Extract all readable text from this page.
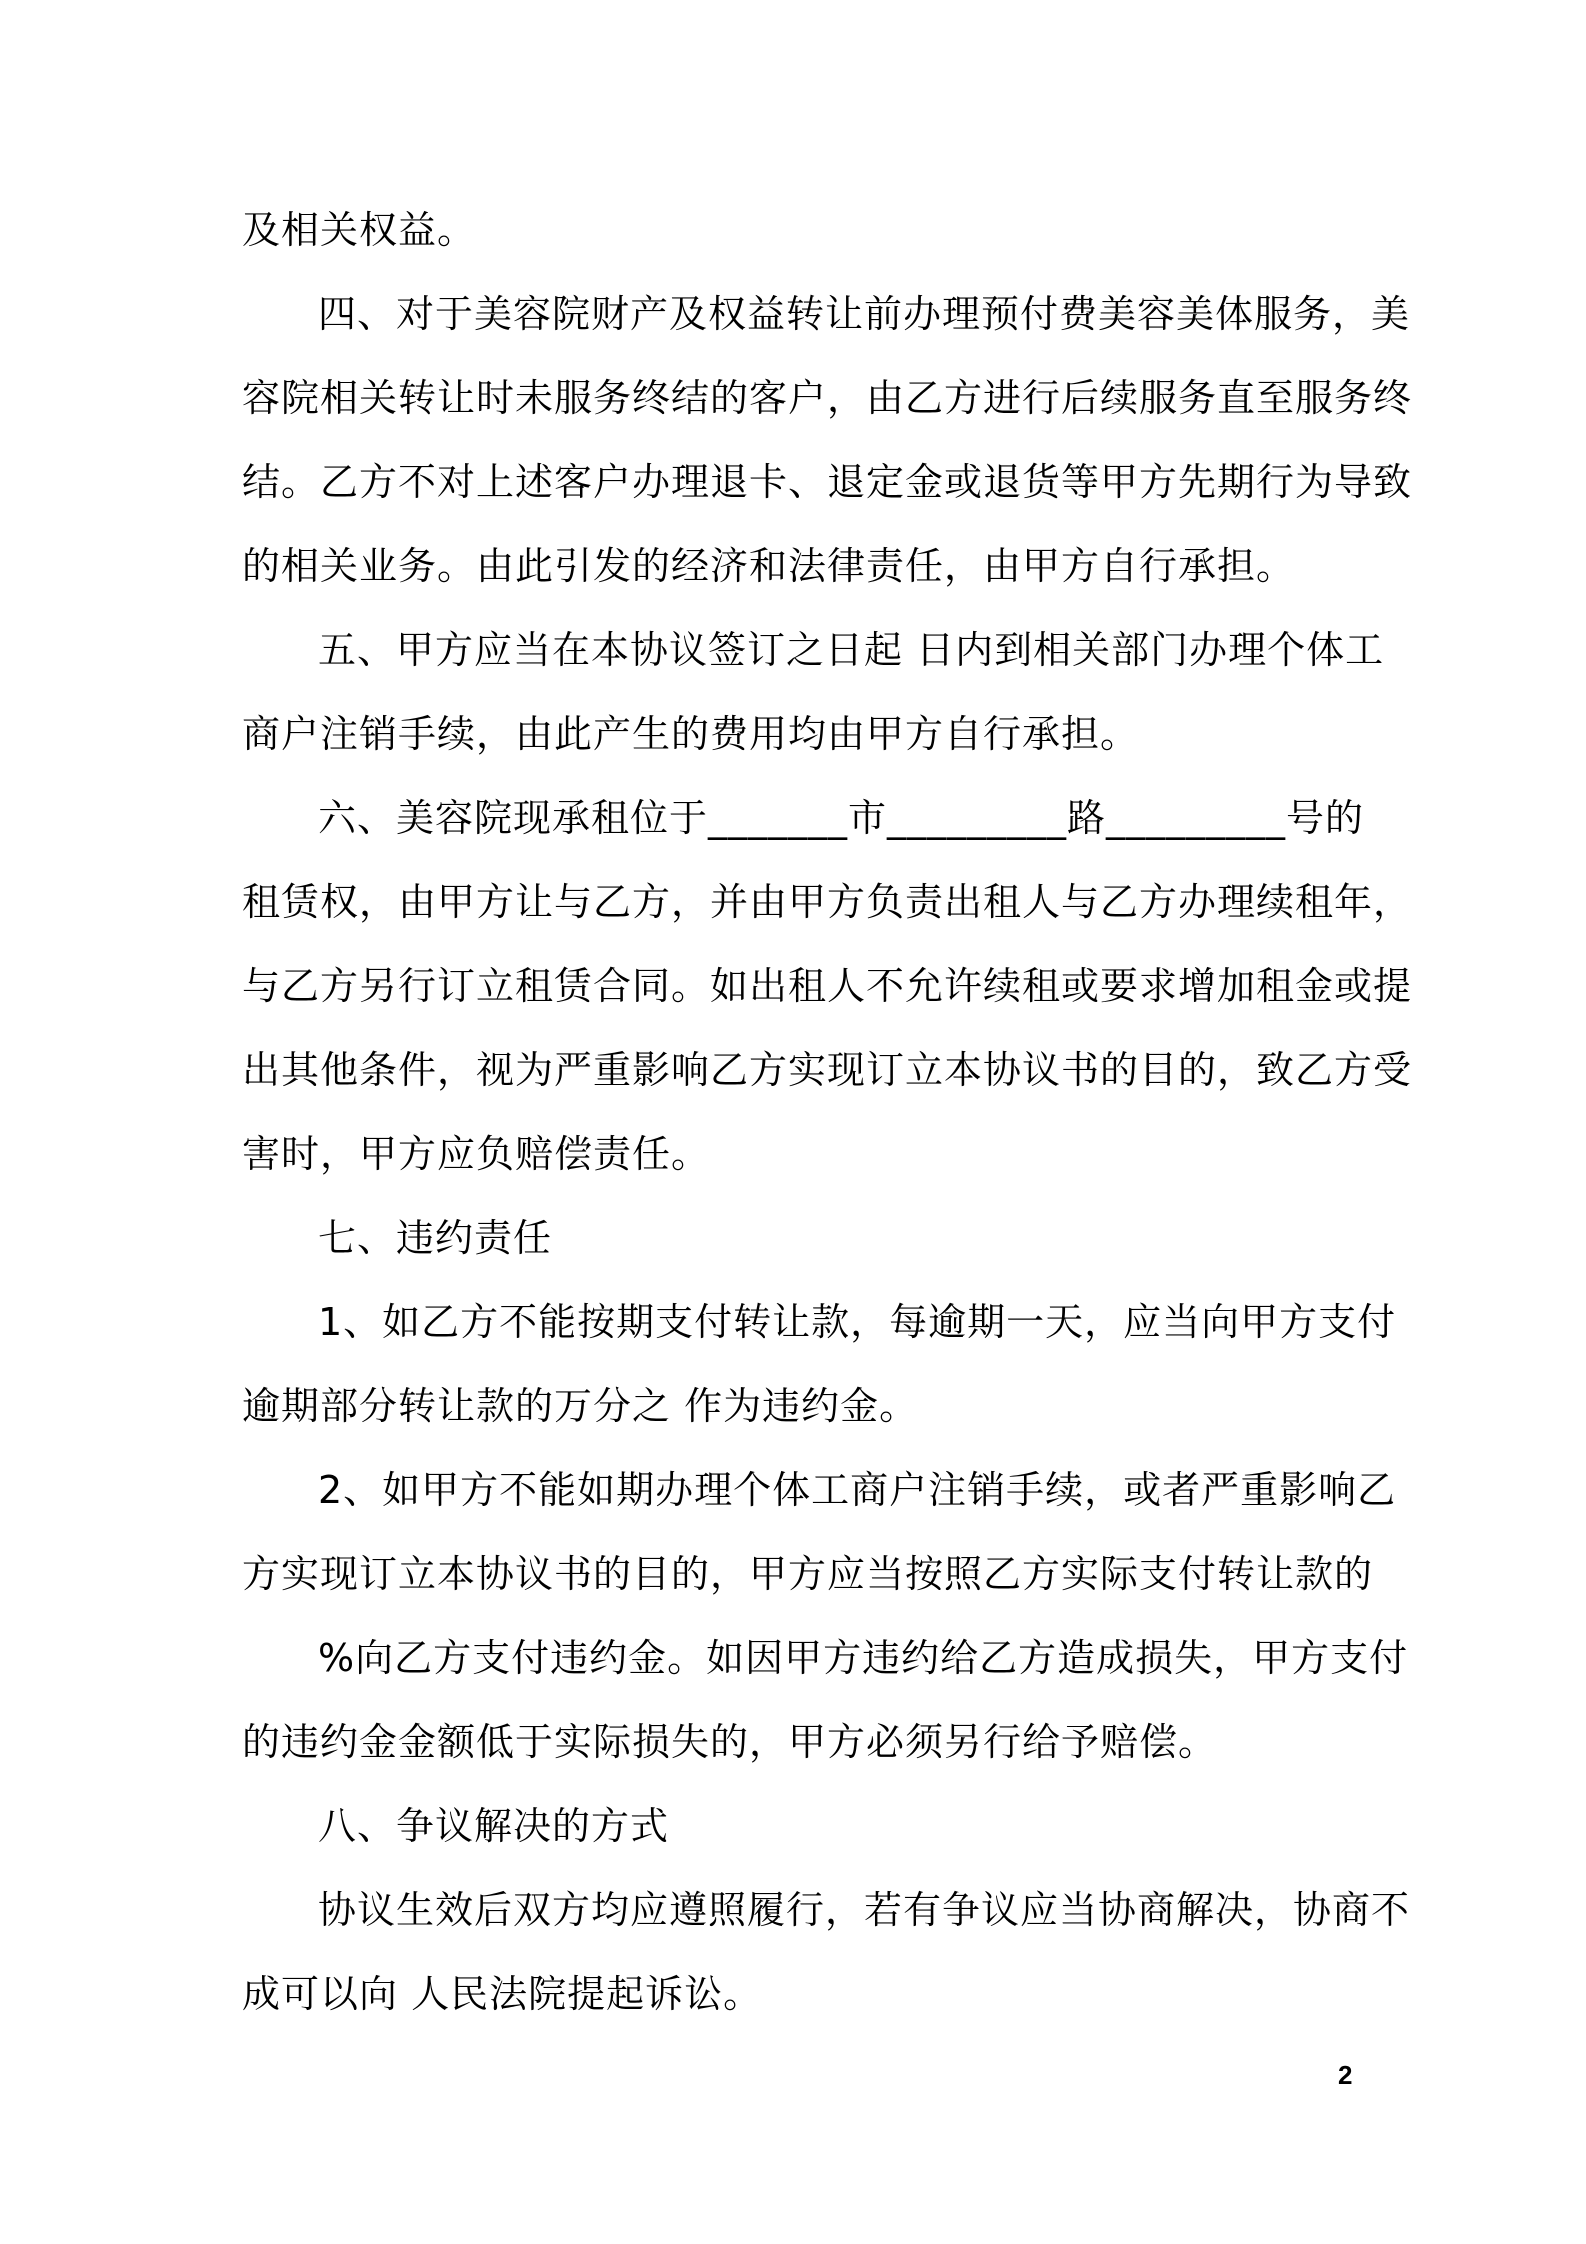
及相关权益。
四、对于美容院财产及权益转让前办理预付费美容美体服务，美
容院相关转让时未服务终结的客户，由乙方进行后续服务直至服务终
结。乙方不对上述客户办理退卡、退定金或退货等甲方先期行为导致
的相关业务。由此引发的经济和法律责任，由甲方自行承担。
五、甲方应当在本协议签订之日起 日内到相关部门办理个体工
商户注销手续，由此产生的费用均由甲方自行承担。
六、美容院现承租位于_______市_________路_________号的
租赁权，由甲方让与乙方，并由甲方负责出租人与乙方办理续租年，
与乙方另行订立租赁合同。如出租人不允许续租或要求增加租金或提
出其他条件，视为严重影响乙方实现订立本协议书的目的，致乙方受
害时，甲方应负赔偿责任。
七、违约责任
1、如乙方不能按期支付转让款，每逾期一天，应当向甲方支付
逾期部分转让款的万分之 作为违约金。
2、如甲方不能如期办理个体工商户注销手续，或者严重影响乙
方实现订立本协议书的目的，甲方应当按照乙方实际支付转让款的
%向乙方支付违约金。如因甲方违约给乙方造成损失，甲方支付
的违约金金额低于实际损失的，甲方必须另行给予赔偿。
八、争议解决的方式
协议生效后双方均应遵照履行，若有争议应当协商解决，协商不
成可以向 人民法院提起诉讼。
2
